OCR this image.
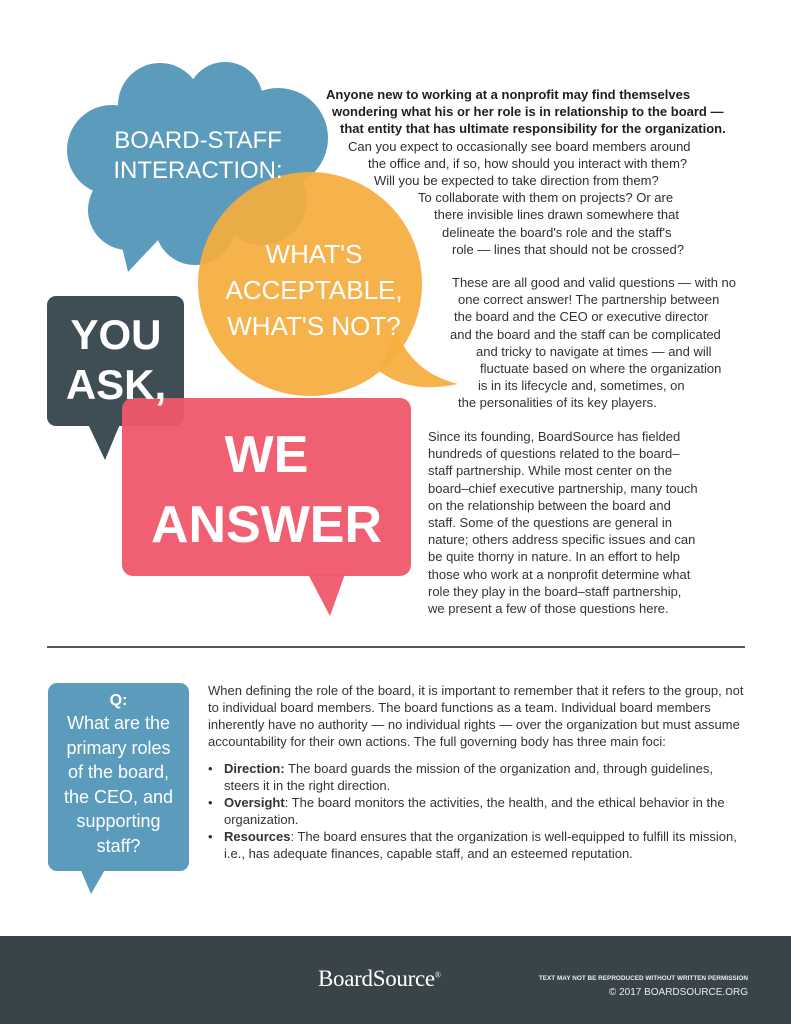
BOARD-STAFF
INTERACTION:
WHAT'S
ACCEPTABLE,
WHAT'S NOT?
YOU
ASK,
WE
ANSWER
Anyone new to working at a nonprofit may find themselves
wondering what his or her role is in relationship to the board —
that entity that has ultimate responsibility for the organization.
Can you expect to occasionally see board members around
the office and, if so, how should you interact with them?
Will you be expected to take direction from them?
To collaborate with them on projects? Or are
there invisible lines drawn somewhere that
delineate the board's role and the staff's
role — lines that should not be crossed?
These are all good and valid questions — with no
one correct answer! The partnership between
the board and the CEO or executive director
and the board and the staff can be complicated
and tricky to navigate at times — and will
fluctuate based on where the organization
is in its lifecycle and, sometimes, on
the personalities of its key players.
Since its founding, BoardSource has fielded
hundreds of questions related to the board–
staff partnership. While most center on the
board–chief executive partnership, many touch
on the relationship between the board and
staff. Some of the questions are general in
nature; others address specific issues and can
be quite thorny in nature. In an effort to help
those who work at a nonprofit determine what
role they play in the board–staff partnership,
we present a few of those questions here.
Q:
What are the
primary roles
of the board,
the CEO, and
supporting
staff?
When defining the role of the board, it is important to remember that it refers to the group, not to individual board members. The board functions as a team. Individual board members inherently have no authority — no individual rights — over the organization but must assume accountability for their own actions. The full governing body has three main foci:
• Direction: The board guards the mission of the organization and, through guidelines, steers it in the right direction.
• Oversight: The board monitors the activities, the health, and the ethical behavior in the organization.
• Resources: The board ensures that the organization is well-equipped to fulfill its mission, i.e., has adequate finances, capable staff, and an esteemed reputation.
BoardSource®	TEXT MAY NOT BE REPRODUCED WITHOUT WRITTEN PERMISSION
© 2017 BOARDSOURCE.ORG
